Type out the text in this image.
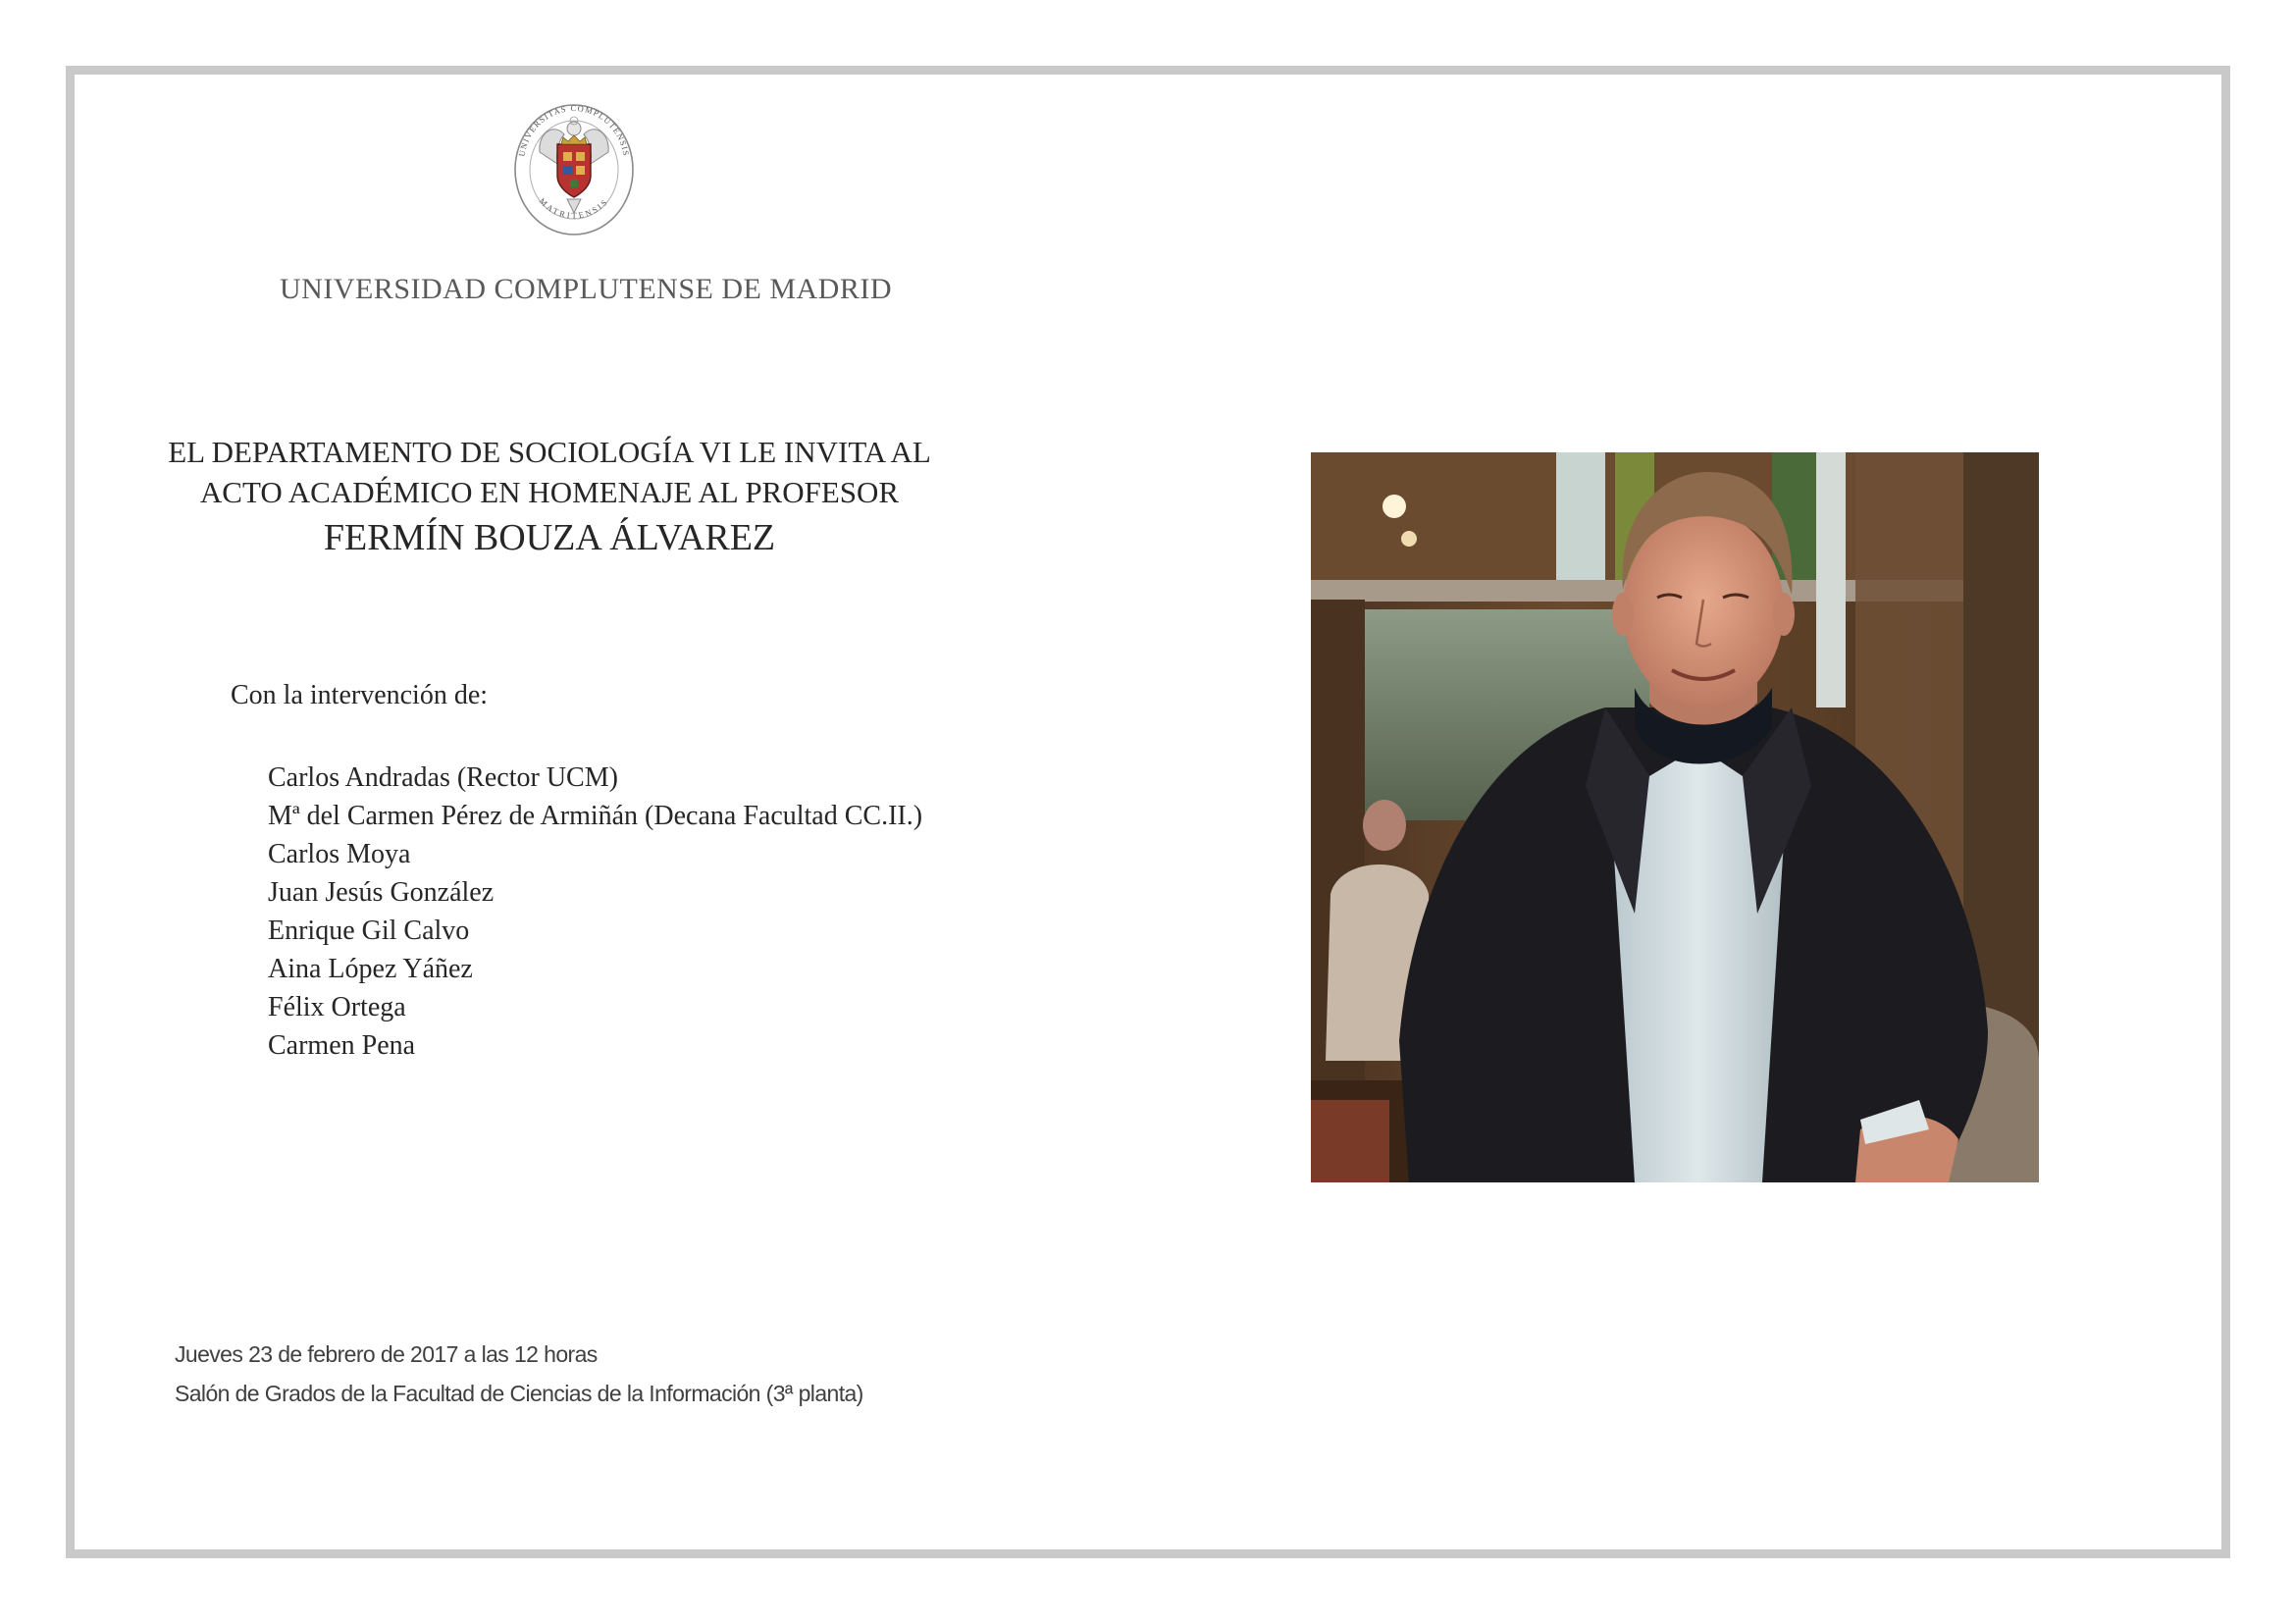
UNIVERSITAS COMPLUTENSIS
MATRITENSIS
UNIVERSIDAD COMPLUTENSE DE MADRID
EL DEPARTAMENTO DE SOCIOLOGÍA VI LE INVITA AL
ACTO ACADÉMICO EN HOMENAJE AL PROFESOR
FERMÍN BOUZA ÁLVAREZ
Con la intervención de:
Carlos Andradas (Rector UCM)
Mª del Carmen Pérez de Armiñán (Decana Facultad CC.II.)
Carlos Moya
Juan Jesús González
Enrique Gil Calvo
Aina López Yáñez
Félix Ortega
Carmen Pena
Jueves 23 de febrero de 2017 a las 12 horas
Salón de Grados de la Facultad de Ciencias de la Información (3ª planta)
